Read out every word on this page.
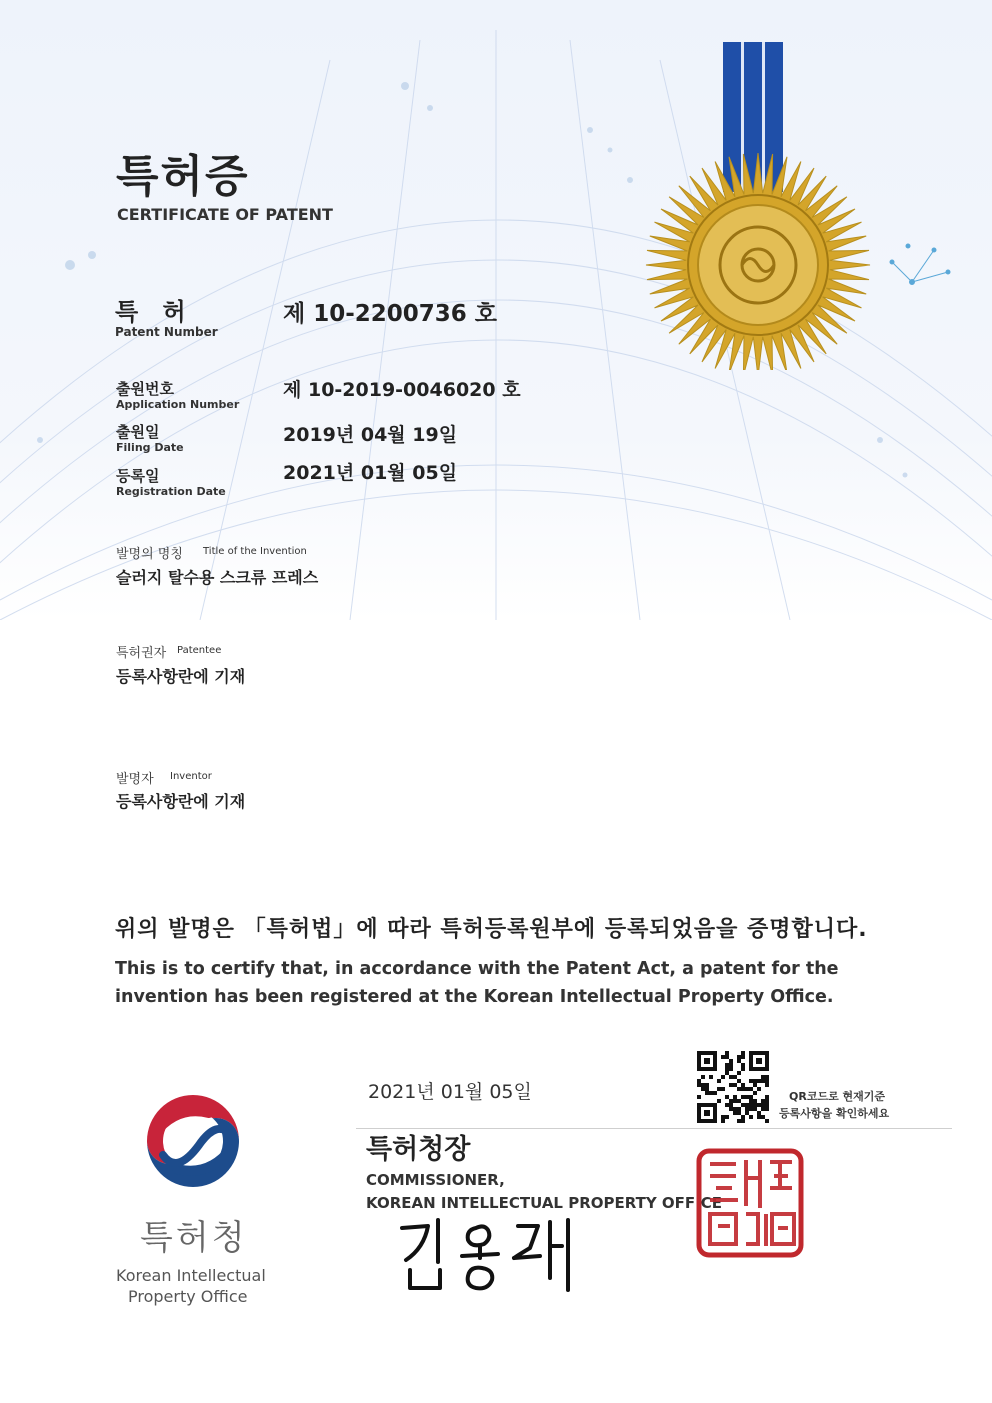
특허증
CERTIFICATE OF PATENT
특 허
Patent Number
제 10-2200736 호
출원번호
Application Number
제 10-2019-0046020 호
출원일
Filing Date
2019년 04월 19일
등록일
Registration Date
2021년 01월 05일
발명의 명칭 Title of the Invention
슬러지 탈수용 스크류 프레스
특허권자 Patentee
등록사항란에 기재
발명자 Inventor
등록사항란에 기재
위의 발명은 「특허법」에 따라 특허등록원부에 등록되었음을 증명합니다.
This is to certify that, in accordance with the Patent Act, a patent for the invention has been registered at the Korean Intellectual Property Office.
2021년 01월 05일	QR코드로 현재기준
등록사항을 확인하세요
특허청장
COMMISSIONER,
KOREAN INTELLECTUAL PROPERTY OFFICE
특허청
Korean Intellectual
Property Office
